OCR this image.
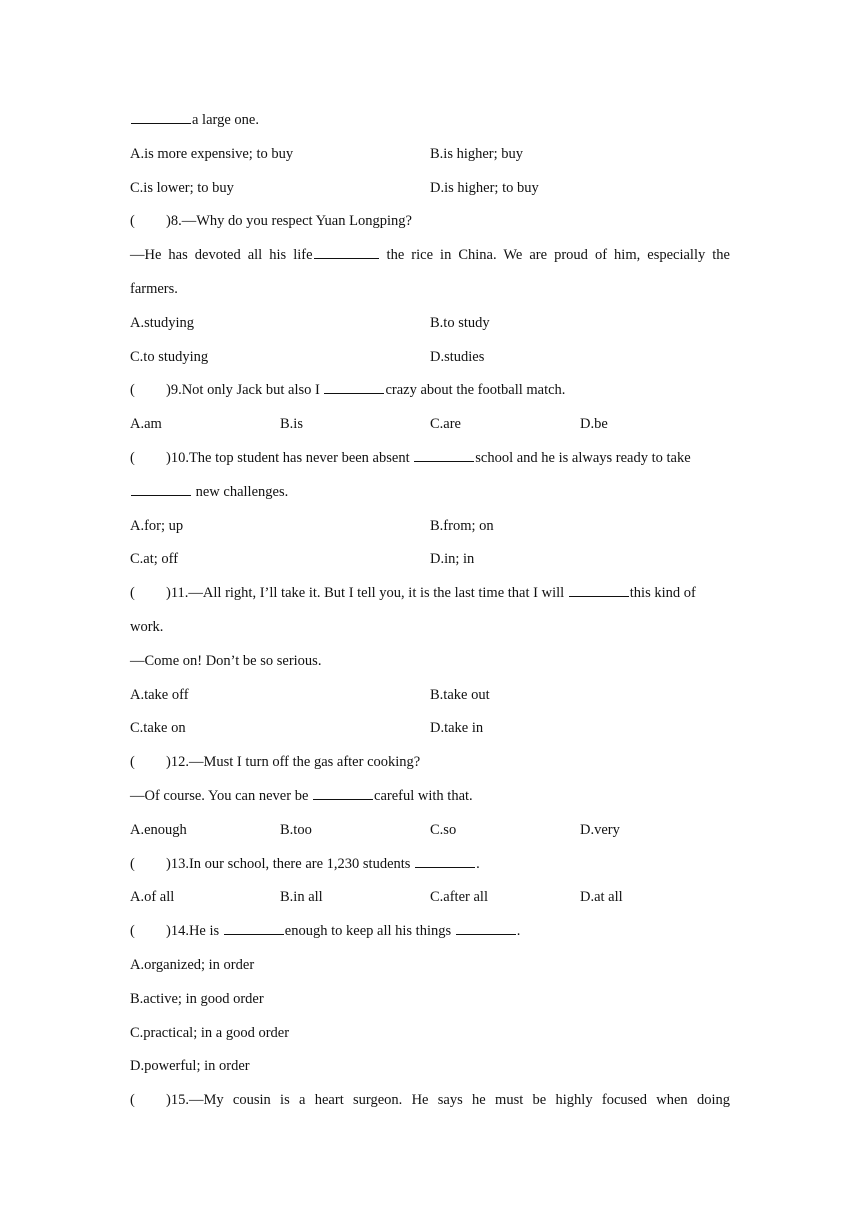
a large one.
A.is more expensive; to buy	B.is higher; buy
C.is lower; to buy	D.is higher; to buy
( )8.—Why do you respect Yuan Longping?
—He has devoted all his life	the rice in China. We are proud of him, especially the
farmers.
A.studying	B.to study
C.to studying	D.studies
( )9.Not only Jack but also I	crazy about the football match.
A.am	B.is	C.are	D.be
( )10.The top student has never been absent	school and he is always ready to take
new challenges.
A.for; up	B.from; on
C.at; off	D.in; in
( )11.—All right, I’ll take it. But I tell you, it is the last time that I will	this kind of
work.
—Come on! Don’t be so serious.
A.take off	B.take out
C.take on	D.take in
( )12.—Must I turn off the gas after cooking?
—Of course. You can never be	careful with that.
A.enough	B.too	C.so	D.very
( )13.In our school, there are 1,230 students	.
A.of all	B.in all	C.after all	D.at all
( )14.He is	enough to keep all his things	.
A.organized; in order
B.active; in good order
C.practical; in a good order
D.powerful; in order
( )15.—My cousin is a heart surgeon. He says he must be highly focused when doing
